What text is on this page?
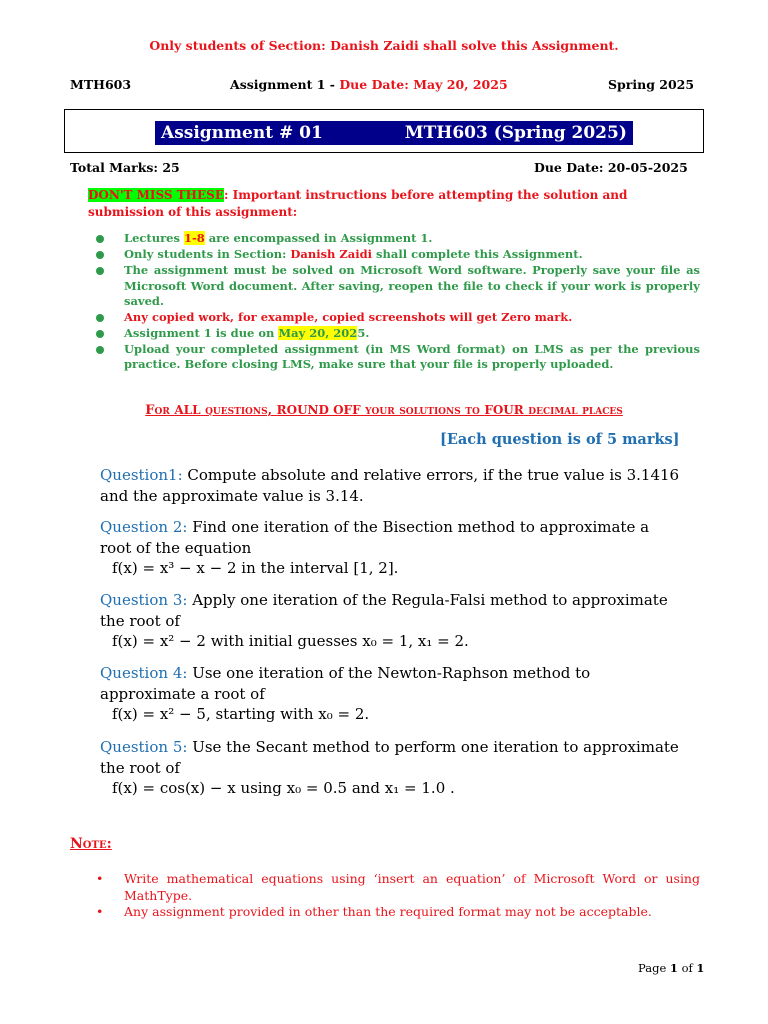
Only students of Section: Danish Zaidi shall solve this Assignment.
MTH603	Assignment 1 - Due Date: May 20, 2025	Spring 2025
Assignment # 01	MTH603 (Spring 2025)
Total Marks: 25	Due Date: 20-05-2025
DON'T MISS THESE: Important instructions before attempting the solution and submission of this assignment:
Lectures 1-8 are encompassed in Assignment 1.
Only students in Section: Danish Zaidi shall complete this Assignment.
The assignment must be solved on Microsoft Word software. Properly save your file as Microsoft Word document. After saving, reopen the file to check if your work is properly saved.
Any copied work, for example, copied screenshots will get Zero mark.
Assignment 1 is due on May 20, 2025.
Upload your completed assignment (in MS Word format) on LMS as per the previous practice. Before closing LMS, make sure that your file is properly uploaded.
For ALL questions, ROUND OFF your solutions to FOUR decimal places
[Each question is of 5 marks]
Question1: Compute absolute and relative errors, if the true value is 3.1416 and the approximate value is 3.14.
Question 2: Find one iteration of the Bisection method to approximate a root of the equation
f(x) = x³ − x − 2 in the interval [1, 2].
Question 3: Apply one iteration of the Regula-Falsi method to approximate the root of
f(x) = x² − 2 with initial guesses x₀ = 1, x₁ = 2.
Question 4: Use one iteration of the Newton-Raphson method to approximate a root of
f(x) = x² − 5, starting with x₀ = 2.
Question 5: Use the Secant method to perform one iteration to approximate the root of
f(x) = cos(x) − x using x₀ = 0.5 and x₁ = 1.0 .
Note:
• Write mathematical equations using ‘insert an equation’ of Microsoft Word or using MathType.
• Any assignment provided in other than the required format may not be acceptable.
Page 1 of 1
